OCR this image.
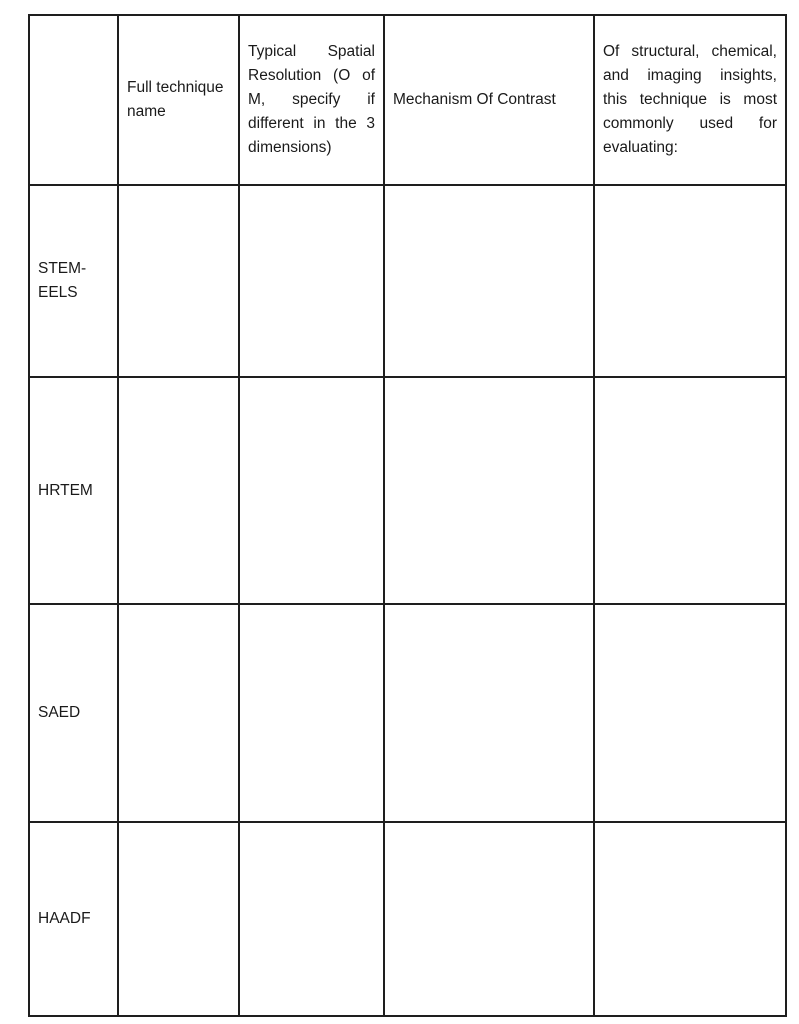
	Full technique name	Typical Spatial Resolution (O of M, specify if different in the 3 dimensions)	Mechanism Of Contrast	Of structural, chemical, and imaging insights, this technique is most commonly used for evaluating:
STEM-EELS				
HRTEM				
SAED				
HAADF				
